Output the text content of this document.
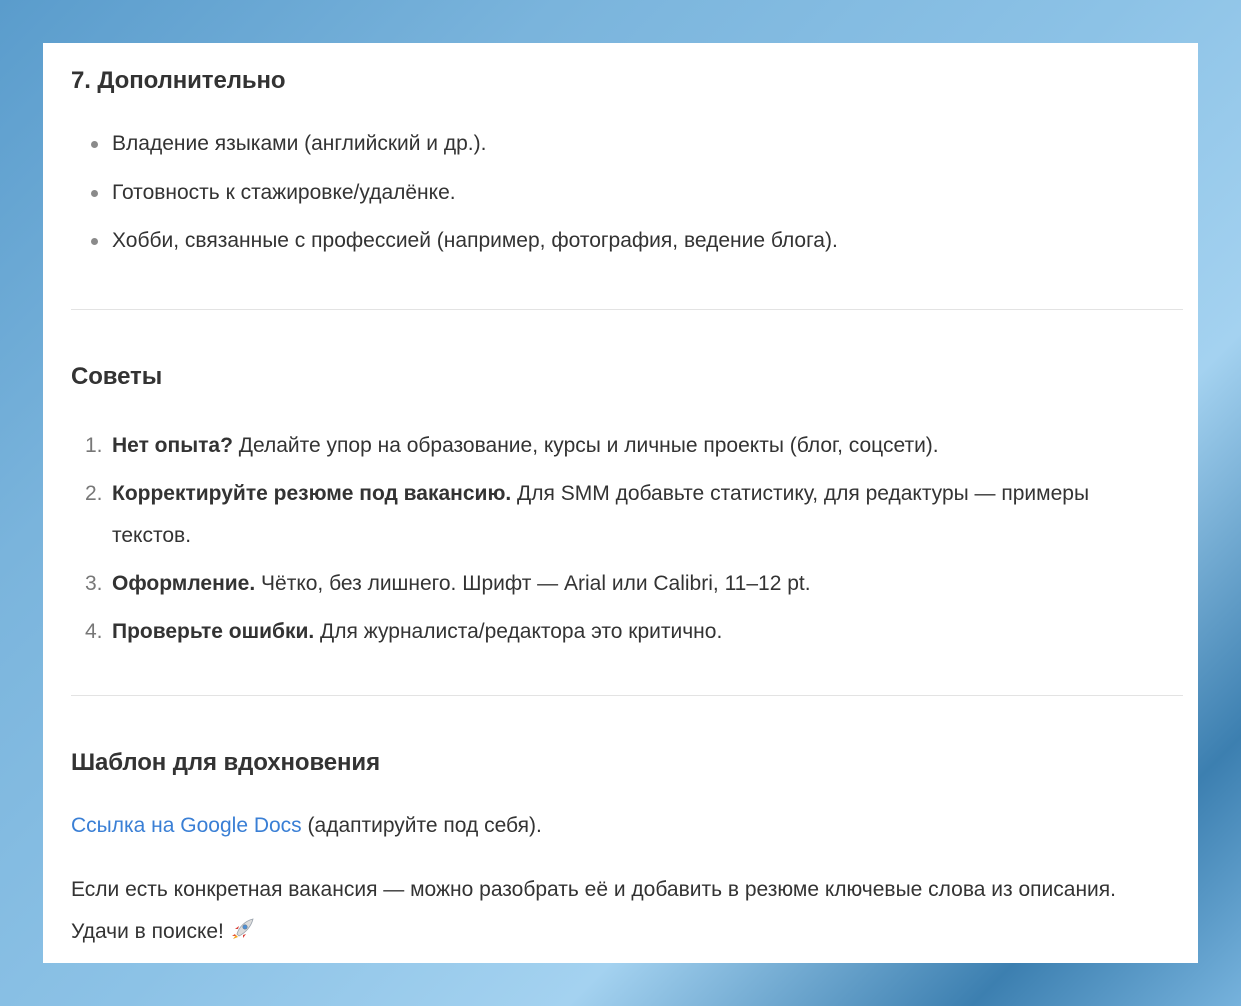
7. Дополнительно
Владение языками (английский и др.).
Готовность к стажировке/удалёнке.
Хобби, связанные с профессией (например, фотография, ведение блога).
Советы
1. Нет опыта? Делайте упор на образование, курсы и личные проекты (блог, соцсети).
2. Корректируйте резюме под вакансию. Для SMM добавьте статистику, для редактуры — примеры текстов.
3. Оформление. Чётко, без лишнего. Шрифт — Arial или Calibri, 11–12 pt.
4. Проверьте ошибки. Для журналиста/редактора это критично.
Шаблон для вдохновения

Ссылка на Google Docs (адаптируйте под себя).

Если есть конкретная вакансия — можно разобрать её и добавить в резюме ключевые слова из описания. Удачи в поиске!
